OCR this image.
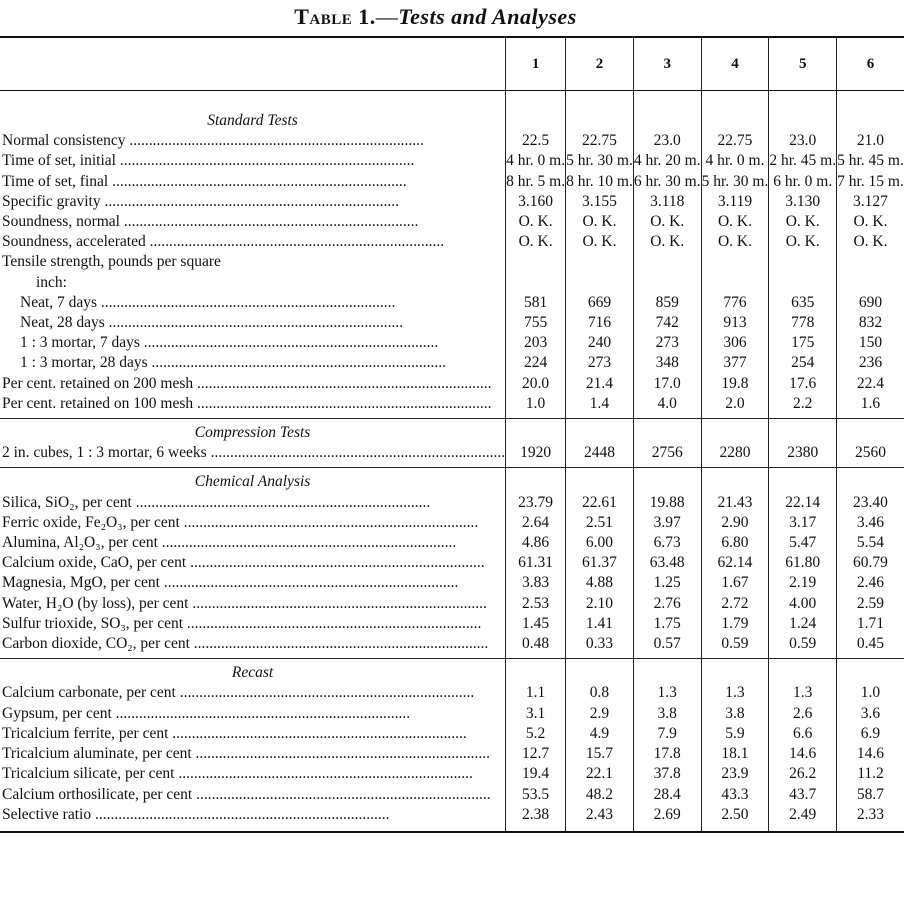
Table 1.—Tests and Analyses
	1	2	3	4	5	6

Standard Tests						

Normal consistency .....	22.5	22.75	23.0	22.75	23.0	21.0

Time of set, initial .....	4 hr. 0 m.	5 hr. 30 m.	4 hr. 20 m.	4 hr. 0 m.	2 hr. 45 m.	5 hr. 45 m.

Time of set, final .....	8 hr. 5 m.	8 hr. 10 m.	6 hr. 30 m.	5 hr. 30 m.	6 hr. 0 m.	7 hr. 15 m.

Specific gravity .....	3.160	3.155	3.118	3.119	3.130	3.127

Soundness, normal .....	O. K.	O. K.	O. K.	O. K.	O. K.	O. K.

Soundness, accelerated .....	O. K.	O. K.	O. K.	O. K.	O. K.	O. K.

Tensile strength, pounds per square						

inch:						

Neat, 7 days .....	581	669	859	776	635	690

Neat, 28 days .....	755	716	742	913	778	832

1 : 3 mortar, 7 days .....	203	240	273	306	175	150

1 : 3 mortar, 28 days .....	224	273	348	377	254	236

Per cent. retained on 200 mesh .....	20.0	21.4	17.0	19.8	17.6	22.4

Per cent. retained on 100 mesh .....	1.0	1.4	4.0	2.0	2.2	1.6

Compression Tests						

2 in. cubes, 1 : 3 mortar, 6 weeks .....	1920	2448	2756	2280	2380	2560

Chemical Analysis						

Silica, SiO₂, per cent .....	23.79	22.61	19.88	21.43	22.14	23.40

Ferric oxide, Fe₂O₃, per cent .....	2.64	2.51	3.97	2.90	3.17	3.46

Alumina, Al₂O₃, per cent .....	4.86	6.00	6.73	6.80	5.47	5.54

Calcium oxide, CaO, per cent .....	61.31	61.37	63.48	62.14	61.80	60.79

Magnesia, MgO, per cent .....	3.83	4.88	1.25	1.67	2.19	2.46

Water, H₂O (by loss), per cent .....	2.53	2.10	2.76	2.72	4.00	2.59

Sulfur trioxide, SO₃, per cent .....	1.45	1.41	1.75	1.79	1.24	1.71

Carbon dioxide, CO₂, per cent .....	0.48	0.33	0.57	0.59	0.59	0.45

Recast						

Calcium carbonate, per cent .....	1.1	0.8	1.3	1.3	1.3	1.0

Gypsum, per cent .....	3.1	2.9	3.8	3.8	2.6	3.6

Tricalcium ferrite, per cent .....	5.2	4.9	7.9	5.9	6.6	6.9

Tricalcium aluminate, per cent .....	12.7	15.7	17.8	18.1	14.6	14.6

Tricalcium silicate, per cent .....	19.4	22.1	37.8	23.9	26.2	11.2

Calcium orthosilicate, per cent .....	53.5	48.2	28.4	43.3	43.7	58.7

Selective ratio .....	2.38	2.43	2.69	2.50	2.49	2.33
